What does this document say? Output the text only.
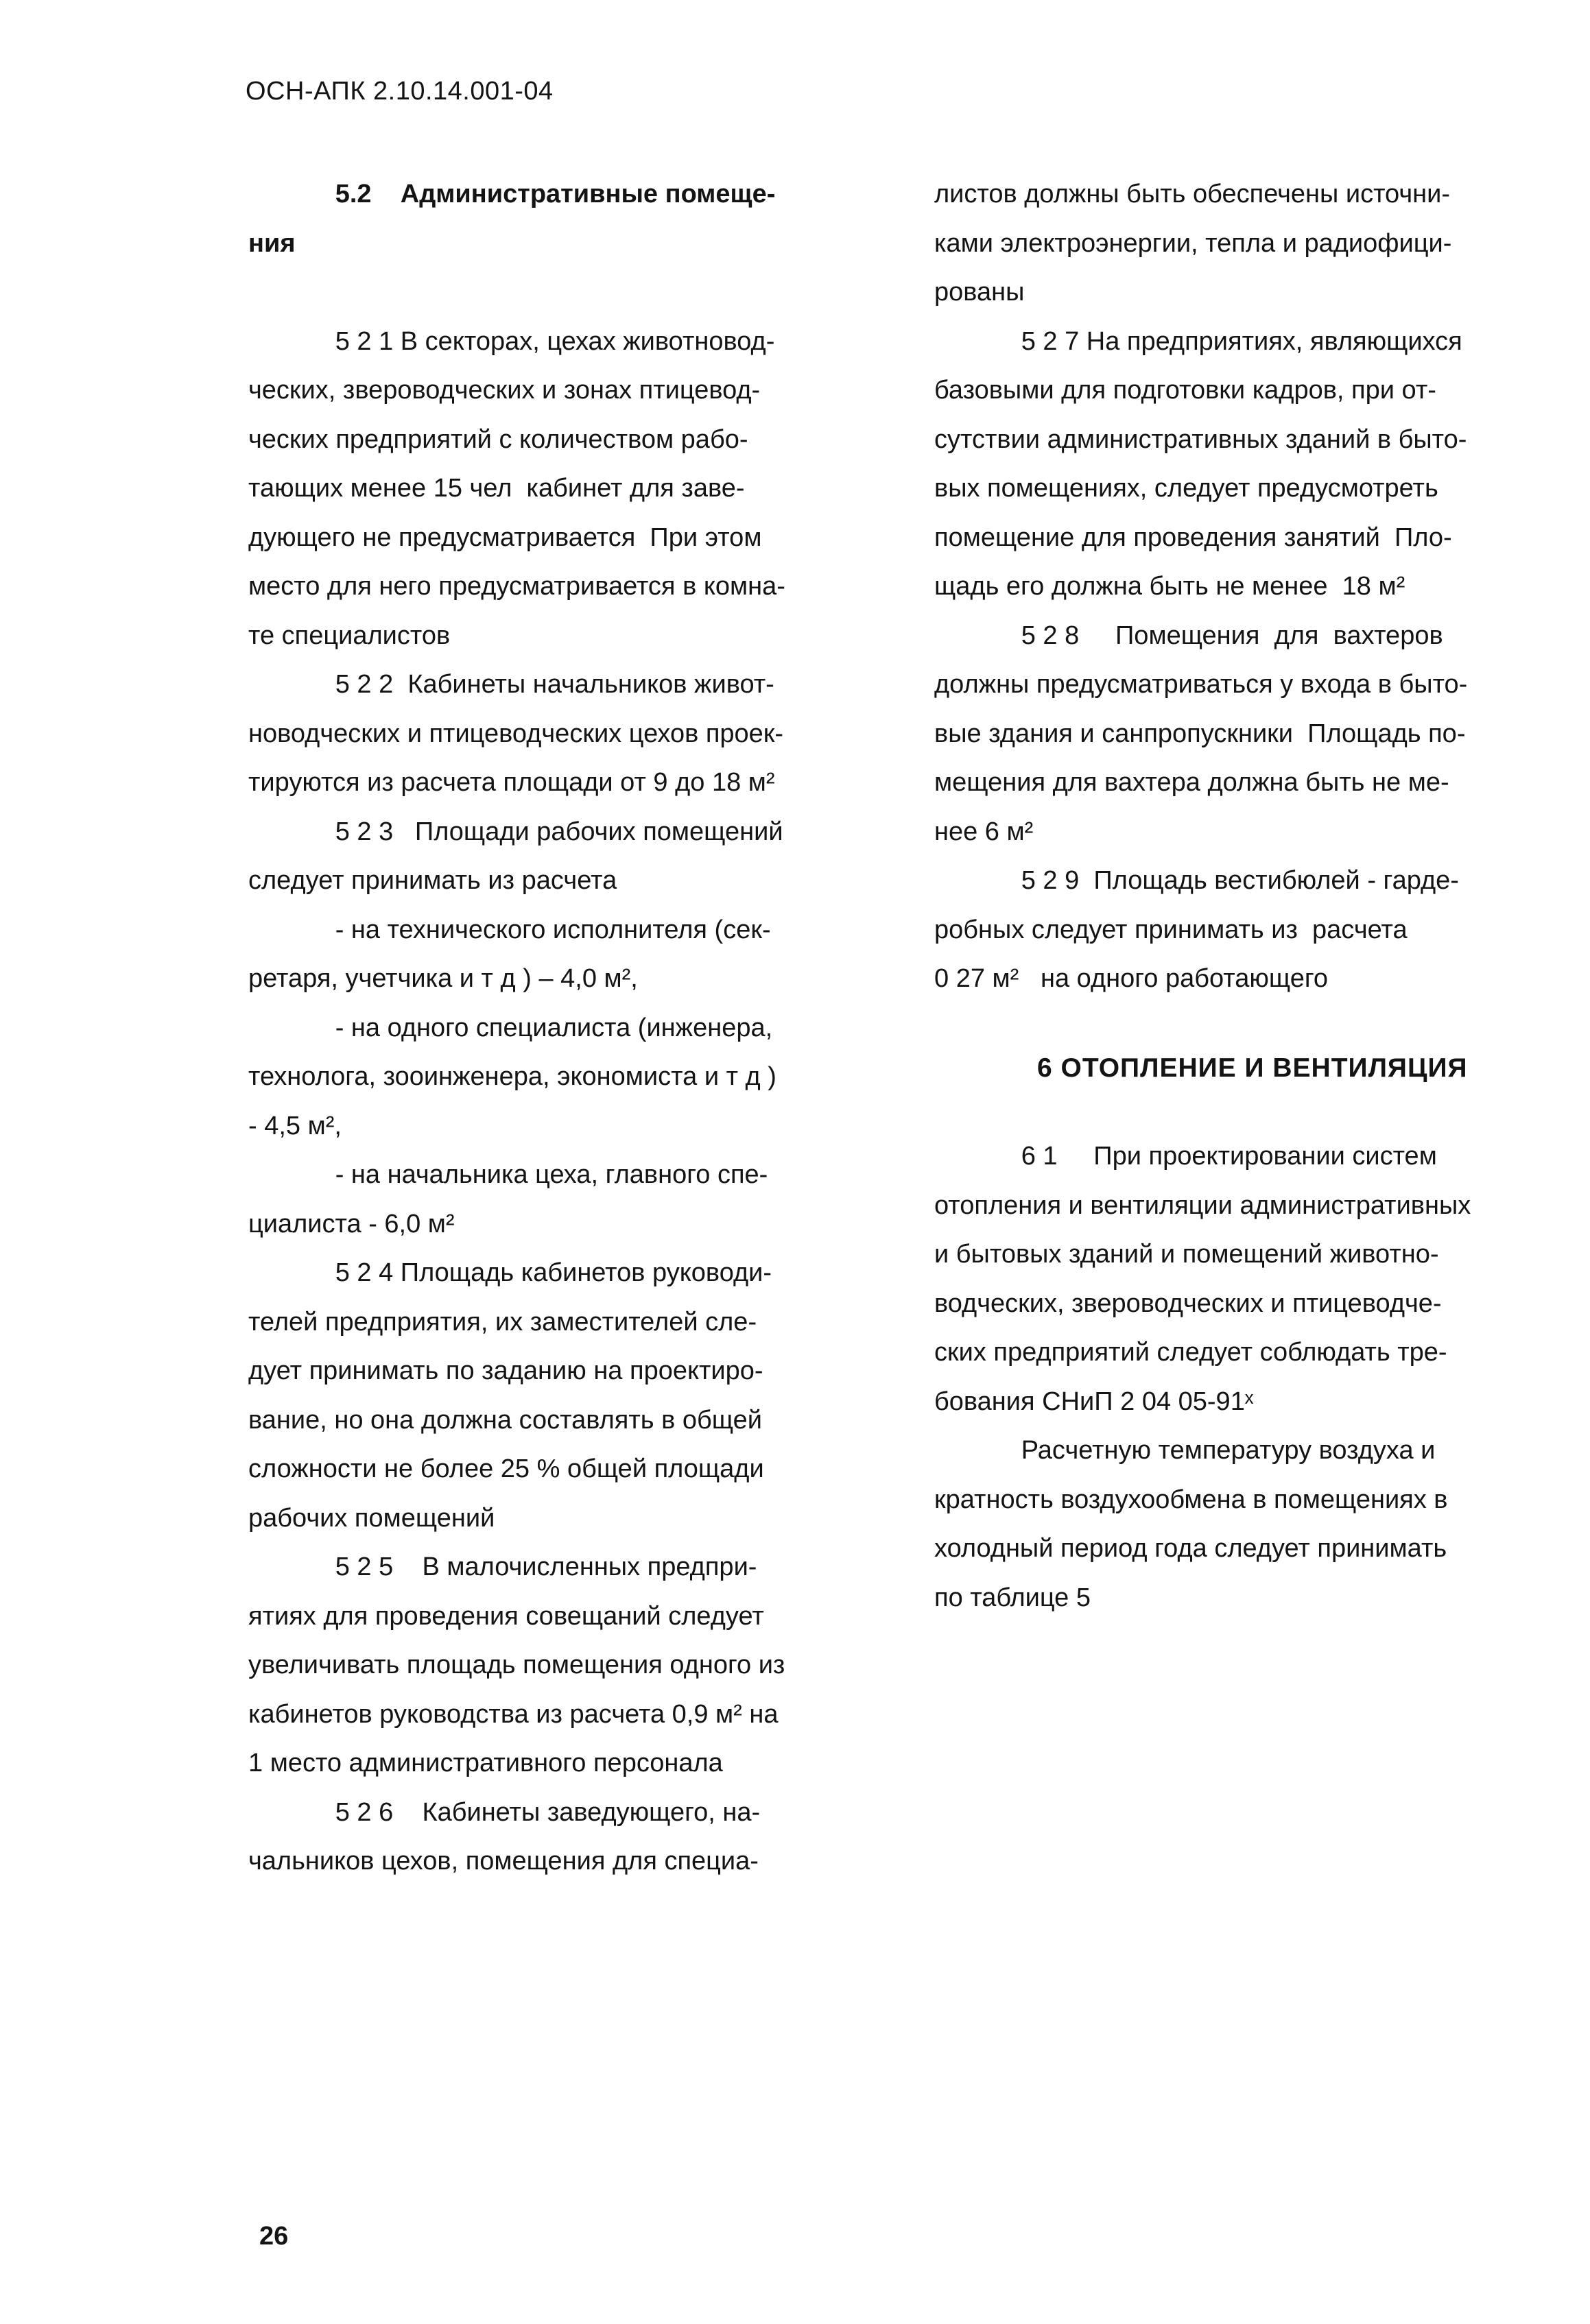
ОСН-АПК 2.10.14.001-04
5.2    Административные помеще-
ния
5 2 1 В секторах, цехах животновод-
ческих, звероводческих и зонах птицевод-
ческих предприятий с количеством рабо-
тающих менее 15 чел  кабинет для заве-
дующего не предусматривается  При этом
место для него предусматривается в комна-
те специалистов
5 2 2  Кабинеты начальников живот-
новодческих и птицеводческих цехов проек-
тируются из расчета площади от 9 до 18 м²
5 2 3   Площади рабочих помещений
следует принимать из расчета
- на технического исполнителя (сек-
ретаря, учетчика и т д ) – 4,0 м²,
- на одного специалиста (инженера,
технолога, зооинженера, экономиста и т д )
- 4,5 м²,
- на начальника цеха, главного спе-
циалиста - 6,0 м²
5 2 4 Площадь кабинетов руководи-
телей предприятия, их заместителей сле-
дует принимать по заданию на проектиро-
вание, но она должна составлять в общей
сложности не более 25 % общей площади
рабочих помещений
5 2 5    В малочисленных предпри-
ятиях для проведения совещаний следует
увеличивать площадь помещения одного из
кабинетов руководства из расчета 0,9 м² на
1 место административного персонала
5 2 6    Кабинеты заведующего, на-
чальников цехов, помещения для специа-
листов должны быть обеспечены источни-
ками электроэнергии, тепла и радиофици-
рованы
5 2 7 На предприятиях, являющихся
базовыми для подготовки кадров, при от-
сутствии административных зданий в быто-
вых помещениях, следует предусмотреть
помещение для проведения занятий  Пло-
щадь его должна быть не менее  18 м²
5 2 8     Помещения  для  вахтеров
должны предусматриваться у входа в быто-
вые здания и санпропускники  Площадь по-
мещения для вахтера должна быть не ме-
нее 6 м²
5 2 9  Площадь вестибюлей - гарде-
робных следует принимать из  расчета
0 27 м²   на одного работающего
6 ОТОПЛЕНИЕ И ВЕНТИЛЯЦИЯ
6 1     При проектировании систем
отопления и вентиляции административных
и бытовых зданий и помещений животно-
водческих, звероводческих и птицеводче-
ских предприятий следует соблюдать тре-
бования СНиП 2 04 05-91ˣ
Расчетную температуру воздуха и
кратность воздухообмена в помещениях в
холодный период года следует принимать
по таблице 5
26
